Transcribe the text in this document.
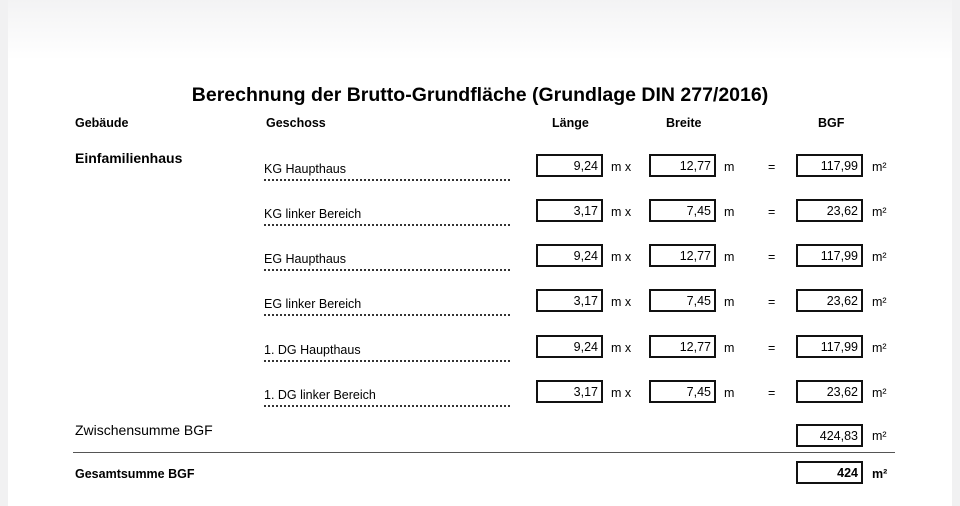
Berechnung der Brutto-Grundfläche (Grundlage DIN 277/2016)
Gebäude	Geschoss	Länge	Breite	BGF
Einfamilienhaus
KG Haupthaus	9,24	m x	12,77	m	=	117,99	m²
KG linker Bereich	3,17	m x	7,45	m	=	23,62	m²
EG Haupthaus	9,24	m x	12,77	m	=	117,99	m²
EG linker Bereich	3,17	m x	7,45	m	=	23,62	m²
1. DG Haupthaus	9,24	m x	12,77	m	=	117,99	m²
1. DG linker Bereich	3,17	m x	7,45	m	=	23,62	m²
Zwischensumme BGF	424,83	m²
Gesamtsumme BGF	424	m²
